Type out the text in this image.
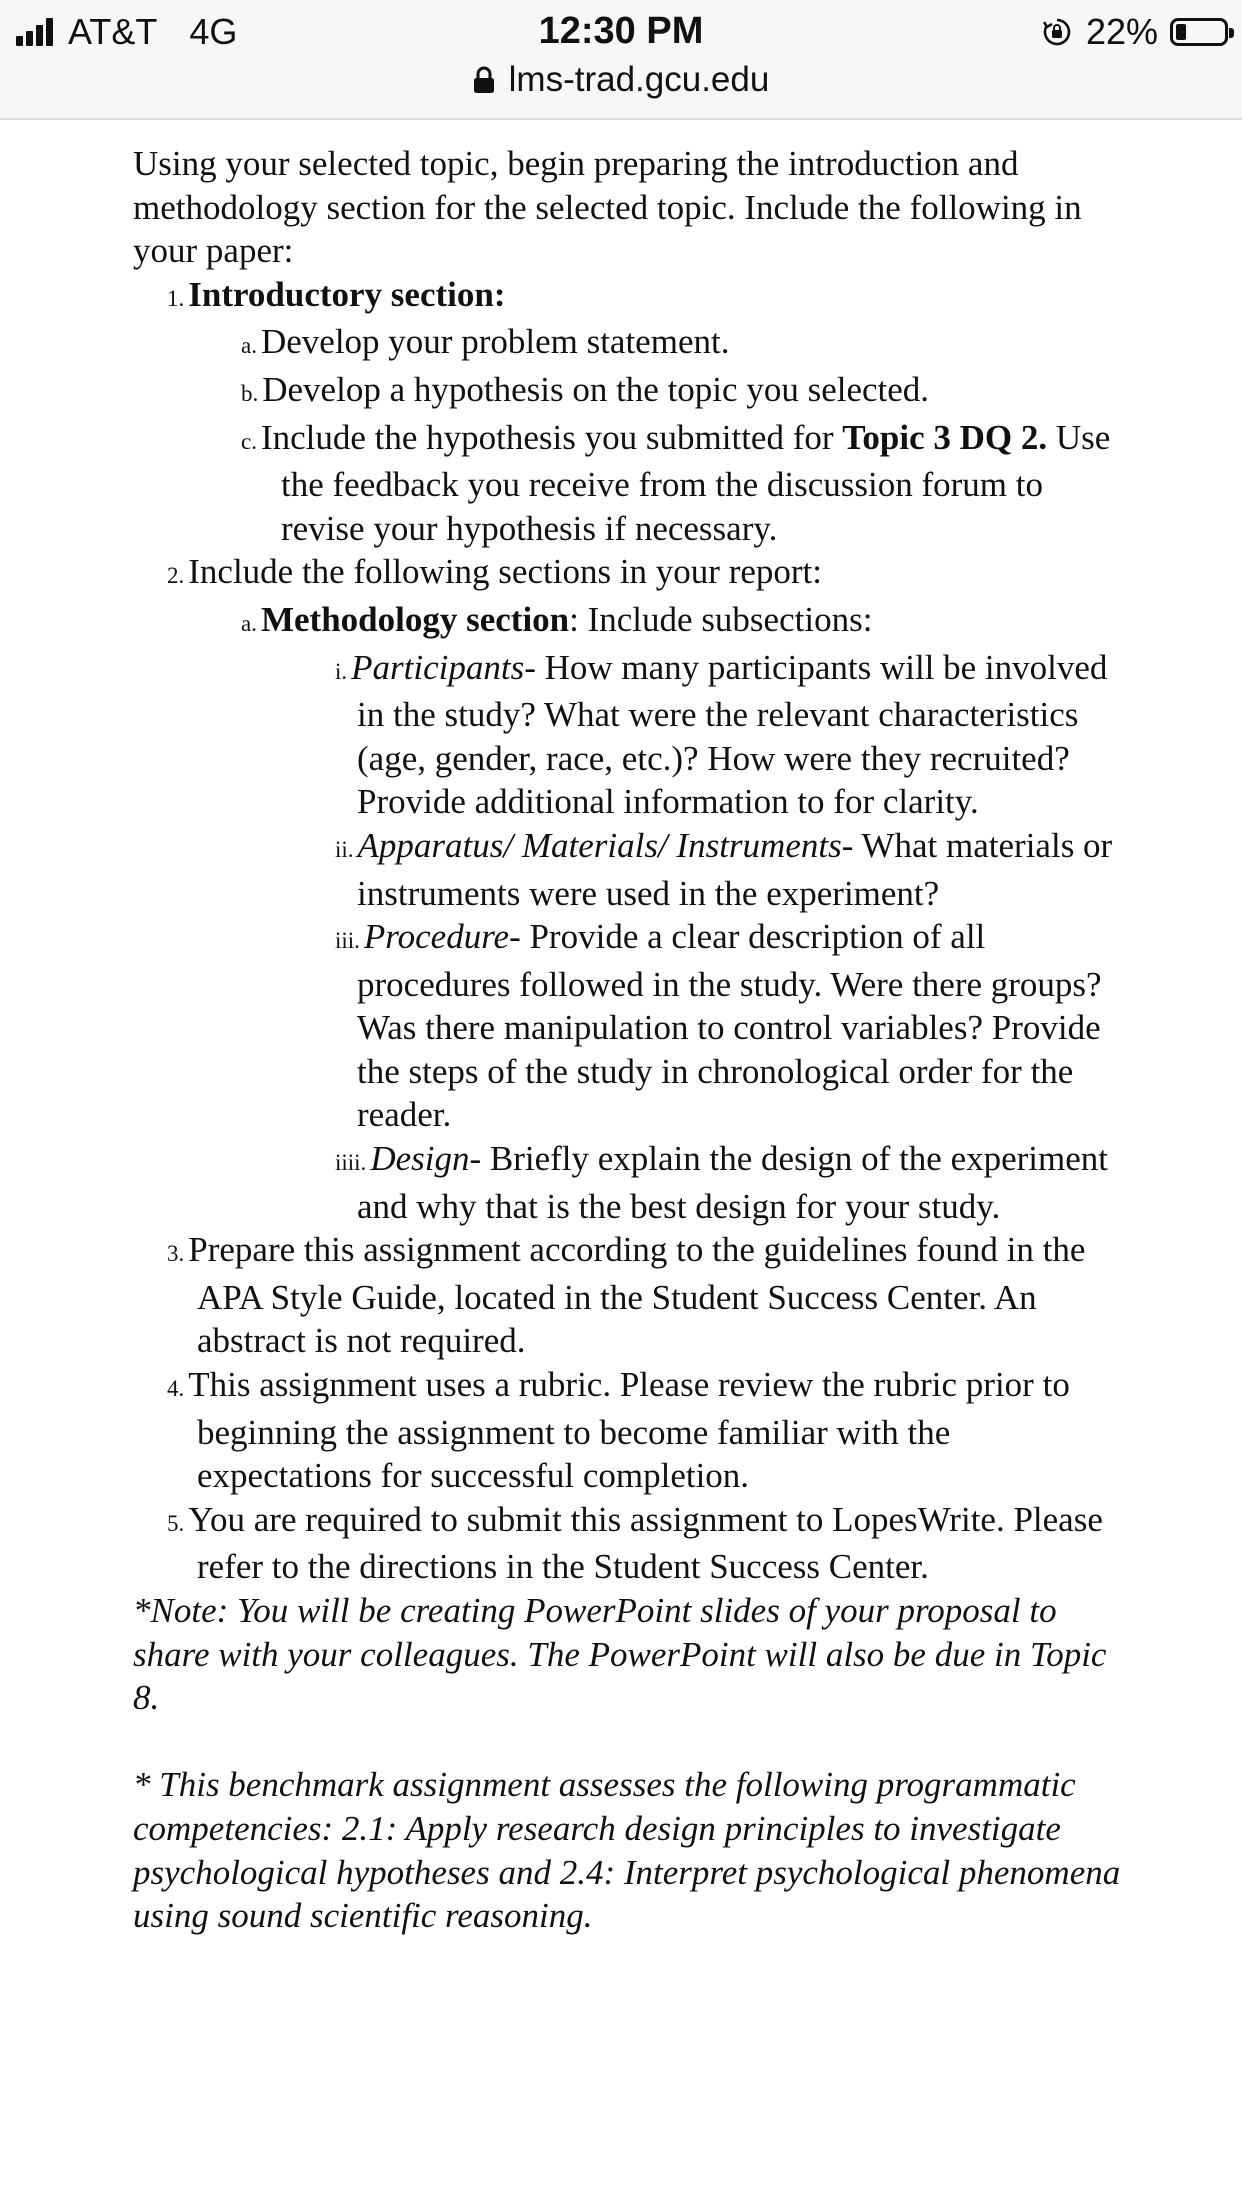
AT&T 4G	12:30 PM	22%
lms-trad.gcu.edu

Using your selected topic, begin preparing the introduction and methodology section for the selected topic. Include the following in your paper:

1. Introductory section:
a. Develop your problem statement.
b. Develop a hypothesis on the topic you selected.
c. Include the hypothesis you submitted for Topic 3 DQ 2. Use the feedback you receive from the discussion forum to revise your hypothesis if necessary.
2. Include the following sections in your report:
a. Methodology section: Include subsections:
i. Participants- How many participants will be involved in the study? What were the relevant characteristics (age, gender, race, etc.)? How were they recruited? Provide additional information to for clarity.
ii. Apparatus/ Materials/ Instruments- What materials or instruments were used in the experiment?
iii. Procedure- Provide a clear description of all procedures followed in the study. Were there groups? Was there manipulation to control variables? Provide the steps of the study in chronological order for the reader.
iiii. Design- Briefly explain the design of the experiment and why that is the best design for your study.
3. Prepare this assignment according to the guidelines found in the APA Style Guide, located in the Student Success Center. An abstract is not required.
4. This assignment uses a rubric. Please review the rubric prior to beginning the assignment to become familiar with the expectations for successful completion.
5. You are required to submit this assignment to LopesWrite. Please refer to the directions in the Student Success Center.

*Note: You will be creating PowerPoint slides of your proposal to share with your colleagues. The PowerPoint will also be due in Topic 8.

* This benchmark assignment assesses the following programmatic competencies: 2.1: Apply research design principles to investigate psychological hypotheses and 2.4: Interpret psychological phenomena using sound scientific reasoning.
